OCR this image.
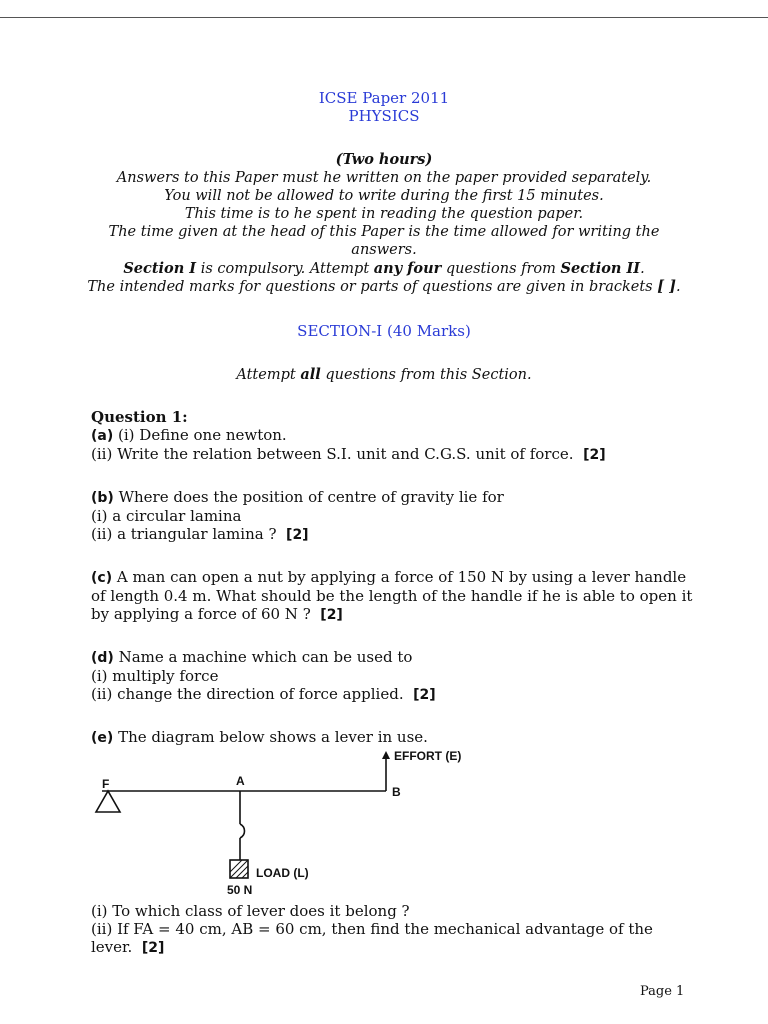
ICSE Paper 2011
PHYSICS
(Two hours)
Answers to this Paper must he written on the paper provided separately.
You will not be allowed to write during the first 15 minutes.
This time is to he spent in reading the question paper.
The time given at the head of this Paper is the time allowed for writing the
answers.
Section I is compulsory. Attempt any four questions from Section II.
The intended marks for questions or parts of questions are given in brackets [ ].
SECTION-I (40 Marks)
Attempt all questions from this Section.
Question 1:
(a) (i) Define one newton.
(ii) Write the relation between S.I. unit and C.G.S. unit of force. [2]
(b) Where does the position of centre of gravity lie for
(i) a circular lamina
(ii) a triangular lamina ? [2]
(c) A man can open a nut by applying a force of 150 N by using a lever handle
of length 0.4 m. What should be the length of the handle if he is able to open it
by applying a force of 60 N ? [2]
(d) Name a machine which can be used to
(i) multiply force
(ii) change the direction of force applied. [2]
(e) The diagram below shows a lever in use.
EFFORT (E)
F	A
B
LOAD (L)
50 N
(i) To which class of lever does it belong ?
(ii) If FA = 40 cm, AB = 60 cm, then find the mechanical advantage of the
lever. [2]
Page 1
